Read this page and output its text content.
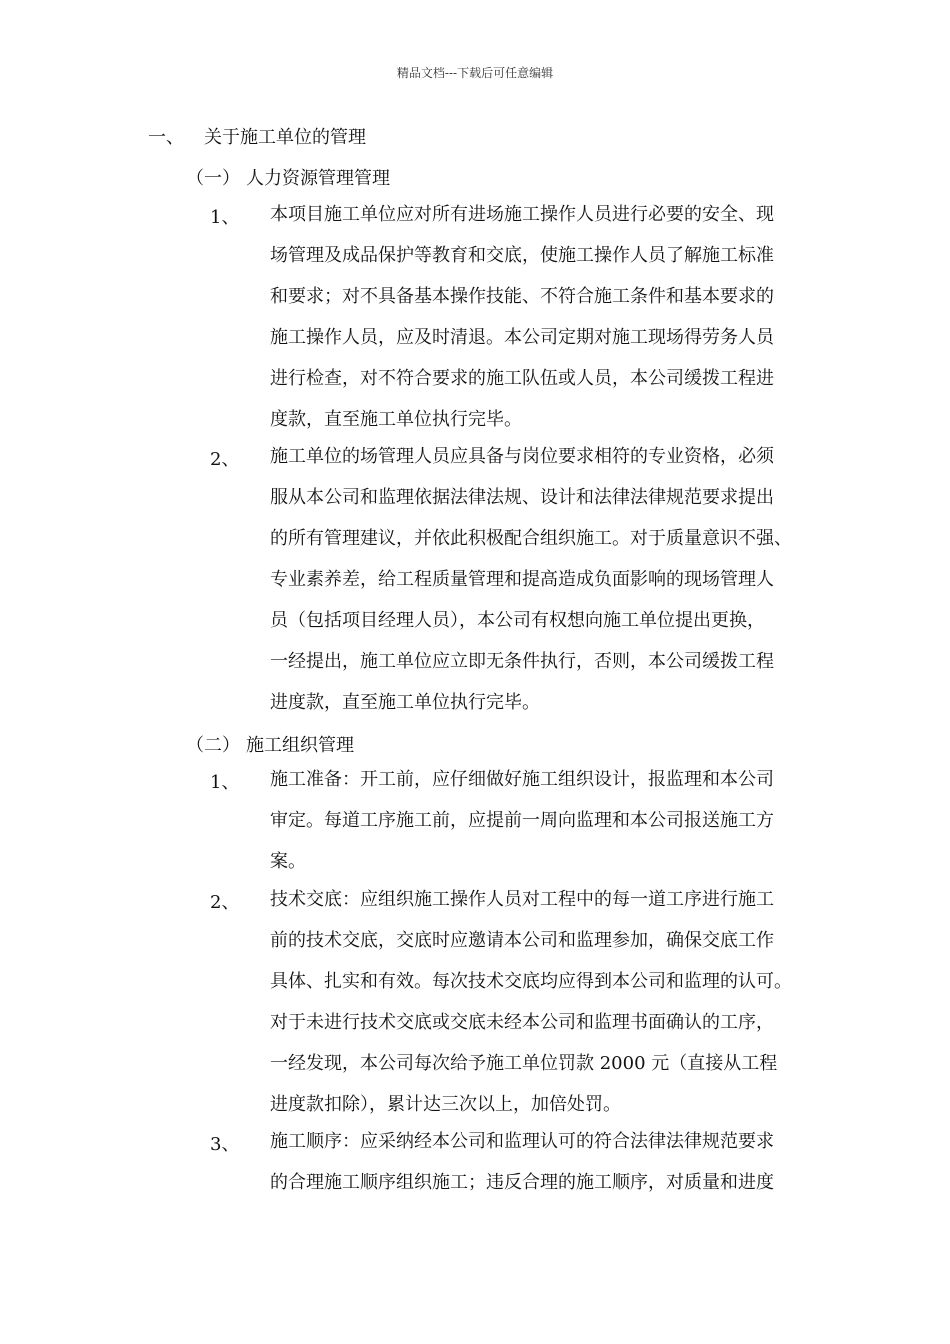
精品文档---下载后可任意编辑
一、 关于施工单位的管理
（一） 人力资源管理管理
1、 本项目施工单位应对所有进场施工操作人员进行必要的安全、现
场管理及成品保护等教育和交底，使施工操作人员了解施工标准
和要求；对不具备基本操作技能、不符合施工条件和基本要求的
施工操作人员，应及时清退。本公司定期对施工现场得劳务人员
进行检查，对不符合要求的施工队伍或人员，本公司缓拨工程进
度款，直至施工单位执行完毕。
2、 施工单位的场管理人员应具备与岗位要求相符的专业资格，必须
服从本公司和监理依据法律法规、设计和法律法律规范要求提出
的所有管理建议，并依此积极配合组织施工。对于质量意识不强、
专业素养差，给工程质量管理和提高造成负面影响的现场管理人
员（包括项目经理人员），本公司有权想向施工单位提出更换，
一经提出，施工单位应立即无条件执行，否则，本公司缓拨工程
进度款，直至施工单位执行完毕。
（二） 施工组织管理
1、 施工准备：开工前，应仔细做好施工组织设计，报监理和本公司
审定。每道工序施工前，应提前一周向监理和本公司报送施工方
案。
2、 技术交底：应组织施工操作人员对工程中的每一道工序进行施工
前的技术交底，交底时应邀请本公司和监理参加，确保交底工作
具体、扎实和有效。每次技术交底均应得到本公司和监理的认可。
对于未进行技术交底或交底未经本公司和监理书面确认的工序，
一经发现，本公司每次给予施工单位罚款 2000 元（直接从工程
进度款扣除），累计达三次以上，加倍处罚。
3、 施工顺序：应采纳经本公司和监理认可的符合法律法律规范要求
的合理施工顺序组织施工；违反合理的施工顺序，对质量和进度
